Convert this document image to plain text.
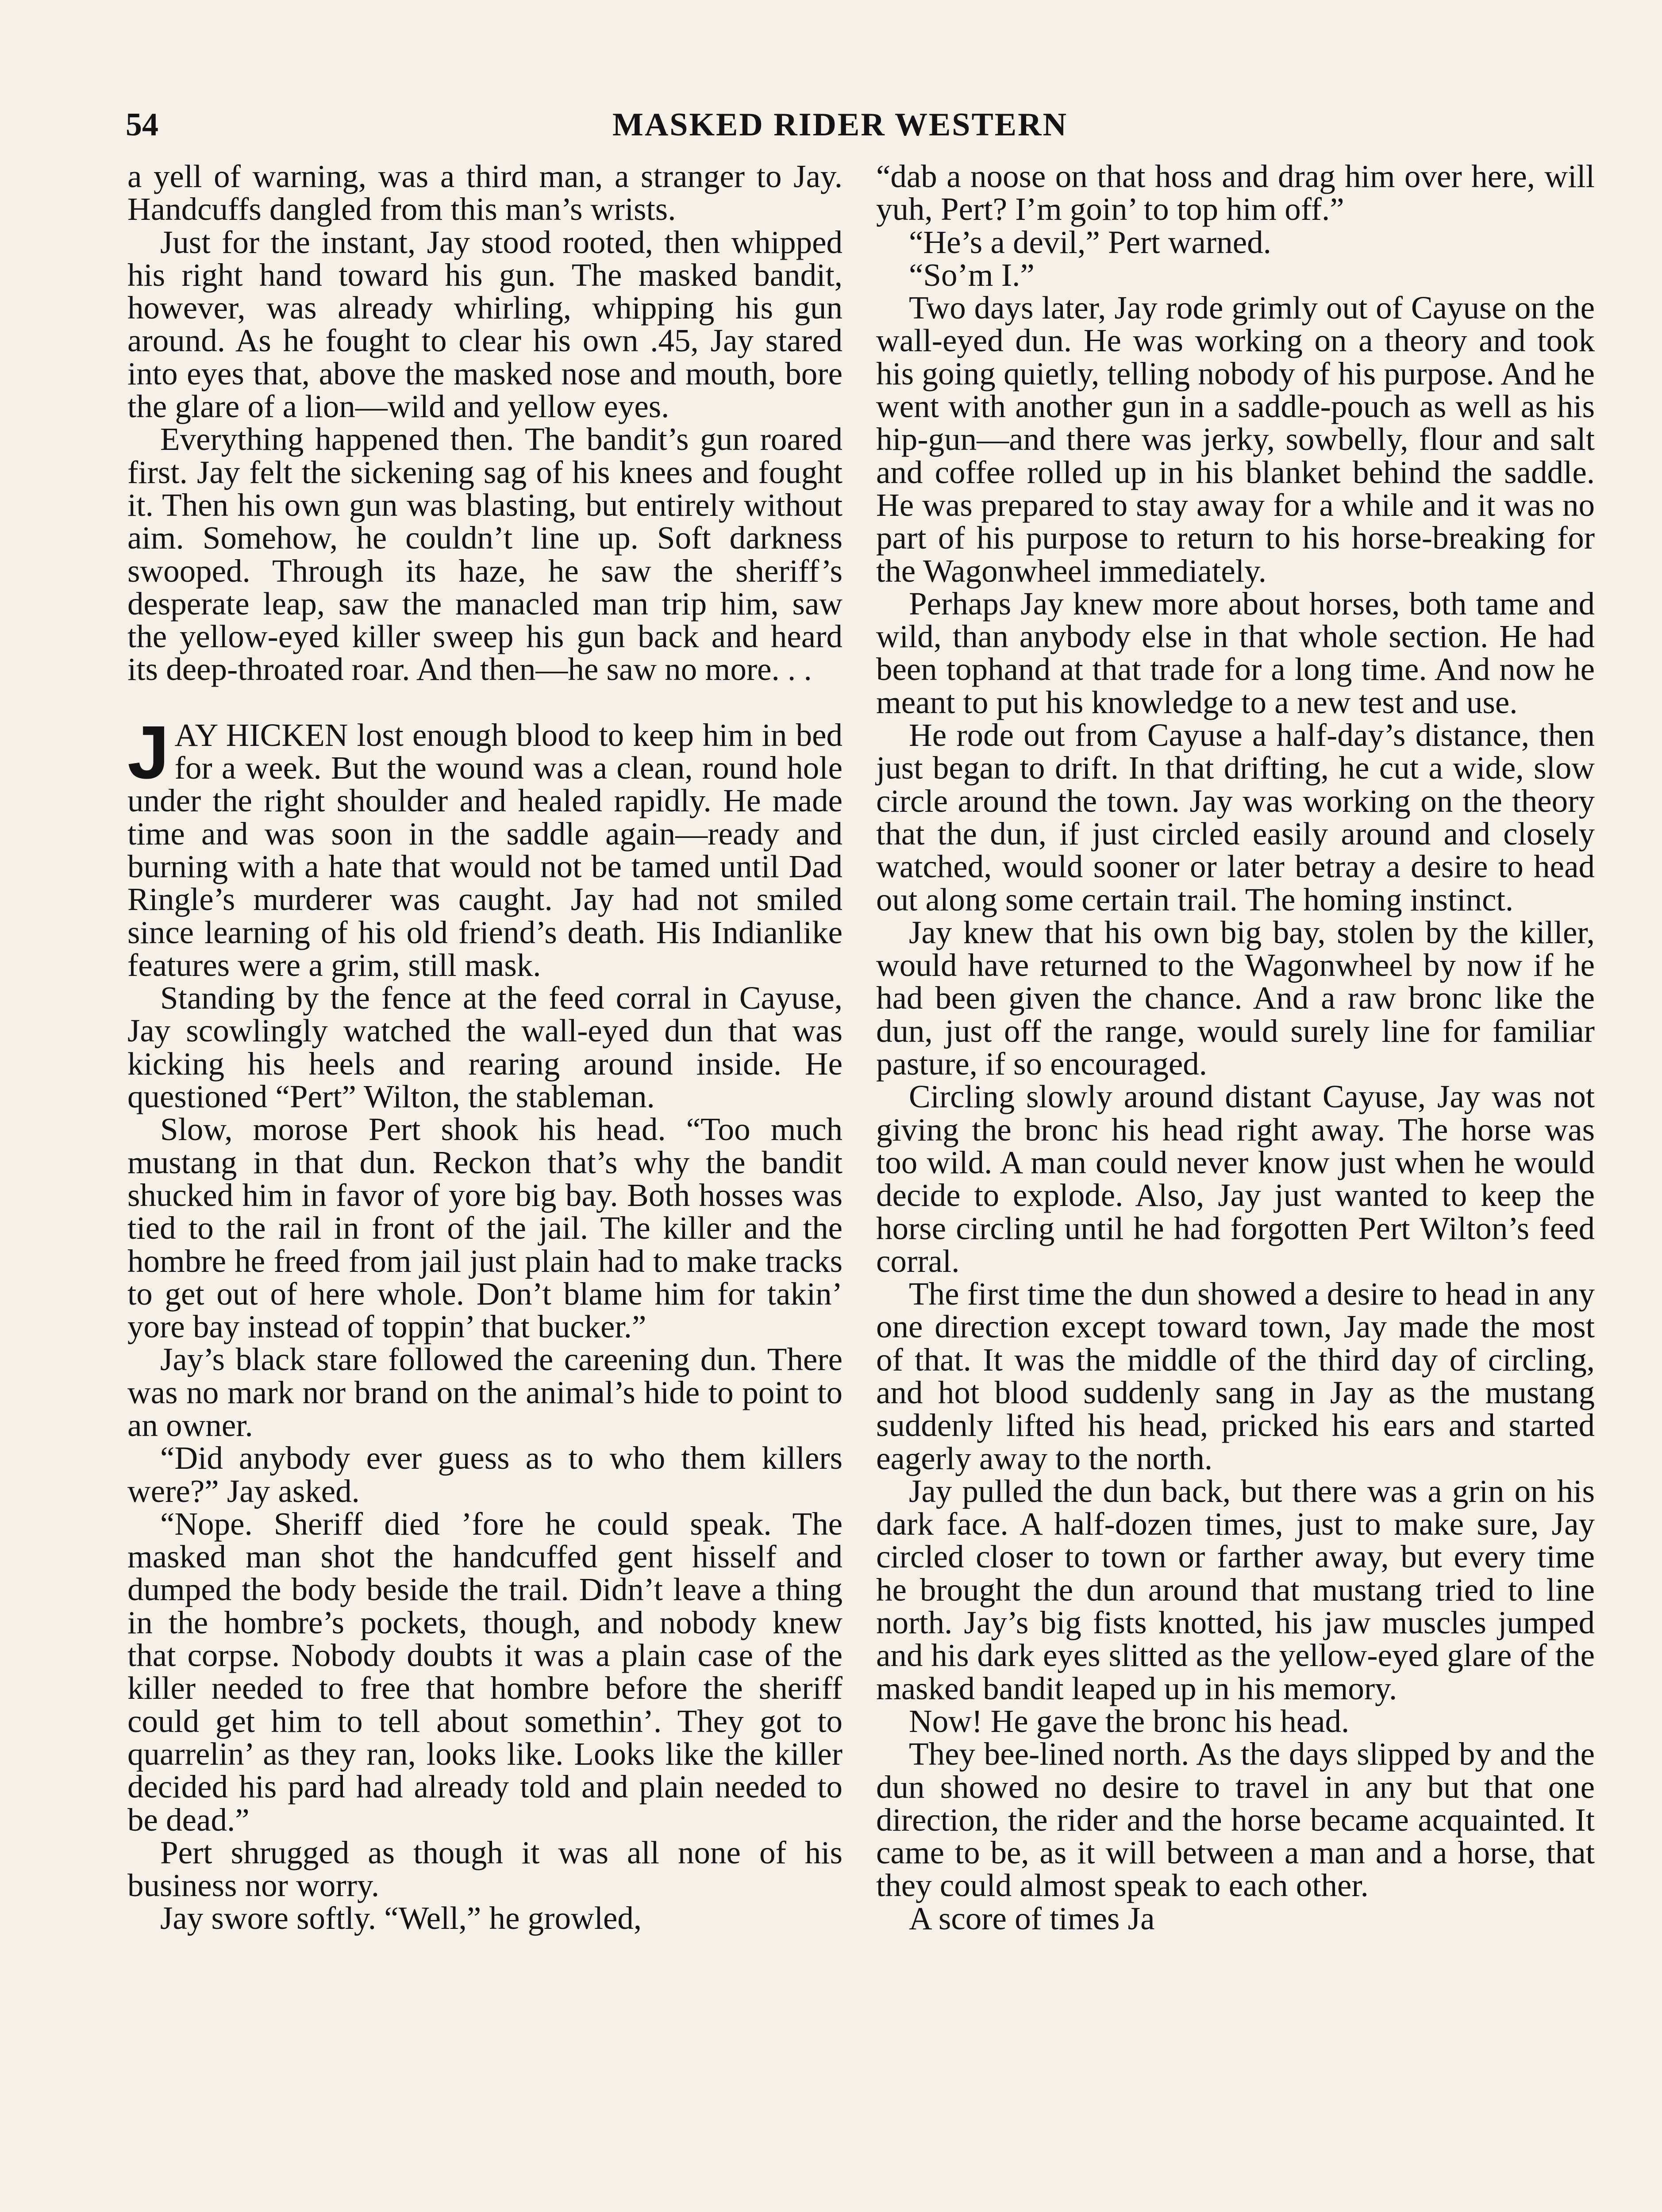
54	MASKED RIDER WESTERN

a yell of warning, was a third man, a stranger to Jay. Handcuffs dangled from this man’s wrists.

Just for the instant, Jay stood rooted, then whipped his right hand toward his gun. The masked bandit, however, was already whirling, whipping his gun around. As he fought to clear his own .45, Jay stared into eyes that, above the masked nose and mouth, bore the glare of a lion—wild and yellow eyes.

Everything happened then. The bandit’s gun roared first. Jay felt the sickening sag of his knees and fought it. Then his own gun was blasting, but entirely without aim. Somehow, he couldn’t line up. Soft darkness swooped. Through its haze, he saw the sheriff’s desperate leap, saw the manacled man trip him, saw the yellow-eyed killer sweep his gun back and heard its deep-throated roar. And then—he saw no more. . .

JAY HICKEN lost enough blood to keep him in bed for a week. But the wound was a clean, round hole under the right shoulder and healed rapidly. He made time and was soon in the saddle again—ready and burning with a hate that would not be tamed until Dad Ringle’s murderer was caught. Jay had not smiled since learning of his old friend’s death. His Indianlike features were a grim, still mask.

Standing by the fence at the feed corral in Cayuse, Jay scowlingly watched the wall-eyed dun that was kicking his heels and rearing around inside. He questioned “Pert” Wilton, the stableman.

Slow, morose Pert shook his head. “Too much mustang in that dun. Reckon that’s why the bandit shucked him in favor of yore big bay. Both hosses was tied to the rail in front of the jail. The killer and the hombre he freed from jail just plain had to make tracks to get out of here whole. Don’t blame him for takin’ yore bay instead of toppin’ that bucker.”

Jay’s black stare followed the careening dun. There was no mark nor brand on the animal’s hide to point to an owner.

“Did anybody ever guess as to who them killers were?” Jay asked.

“Nope. Sheriff died ’fore he could speak. The masked man shot the handcuffed gent hisself and dumped the body beside the trail. Didn’t leave a thing in the hombre’s pockets, though, and nobody knew that corpse. Nobody doubts it was a plain case of the killer needed to free that hombre before the sheriff could get him to tell about somethin’. They got to quarrelin’ as they ran, looks like. Looks like the killer decided his pard had already told and plain needed to be dead.”

Pert shrugged as though it was all none of his business nor worry.

Jay swore softly. “Well,” he growled,

“dab a noose on that hoss and drag him over here, will yuh, Pert? I’m goin’ to top him off.”

“He’s a devil,” Pert warned.

“So’m I.”

Two days later, Jay rode grimly out of Cayuse on the wall-eyed dun. He was working on a theory and took his going quietly, telling nobody of his purpose. And he went with another gun in a saddle-pouch as well as his hip-gun—and there was jerky, sowbelly, flour and salt and coffee rolled up in his blanket behind the saddle. He was prepared to stay away for a while and it was no part of his purpose to return to his horse-breaking for the Wagonwheel immediately.

Perhaps Jay knew more about horses, both tame and wild, than anybody else in that whole section. He had been tophand at that trade for a long time. And now he meant to put his knowledge to a new test and use.

He rode out from Cayuse a half-day’s distance, then just began to drift. In that drifting, he cut a wide, slow circle around the town. Jay was working on the theory that the dun, if just circled easily around and closely watched, would sooner or later betray a desire to head out along some certain trail. The homing instinct.

Jay knew that his own big bay, stolen by the killer, would have returned to the Wagonwheel by now if he had been given the chance. And a raw bronc like the dun, just off the range, would surely line for familiar pasture, if so encouraged.

Circling slowly around distant Cayuse, Jay was not giving the bronc his head right away. The horse was too wild. A man could never know just when he would decide to explode. Also, Jay just wanted to keep the horse circling until he had forgotten Pert Wilton’s feed corral.

The first time the dun showed a desire to head in any one direction except toward town, Jay made the most of that. It was the middle of the third day of circling, and hot blood suddenly sang in Jay as the mustang suddenly lifted his head, pricked his ears and started eagerly away to the north.

Jay pulled the dun back, but there was a grin on his dark face. A half-dozen times, just to make sure, Jay circled closer to town or farther away, but every time he brought the dun around that mustang tried to line north. Jay’s big fists knotted, his jaw muscles jumped and his dark eyes slitted as the yellow-eyed glare of the masked bandit leaped up in his memory.

Now! He gave the bronc his head.

They bee-lined north. As the days slipped by and the dun showed no desire to travel in any but that one direction, the rider and the horse became acquainted. It came to be, as it will between a man and a horse, that they could almost speak to each other.

A score of times Ja
